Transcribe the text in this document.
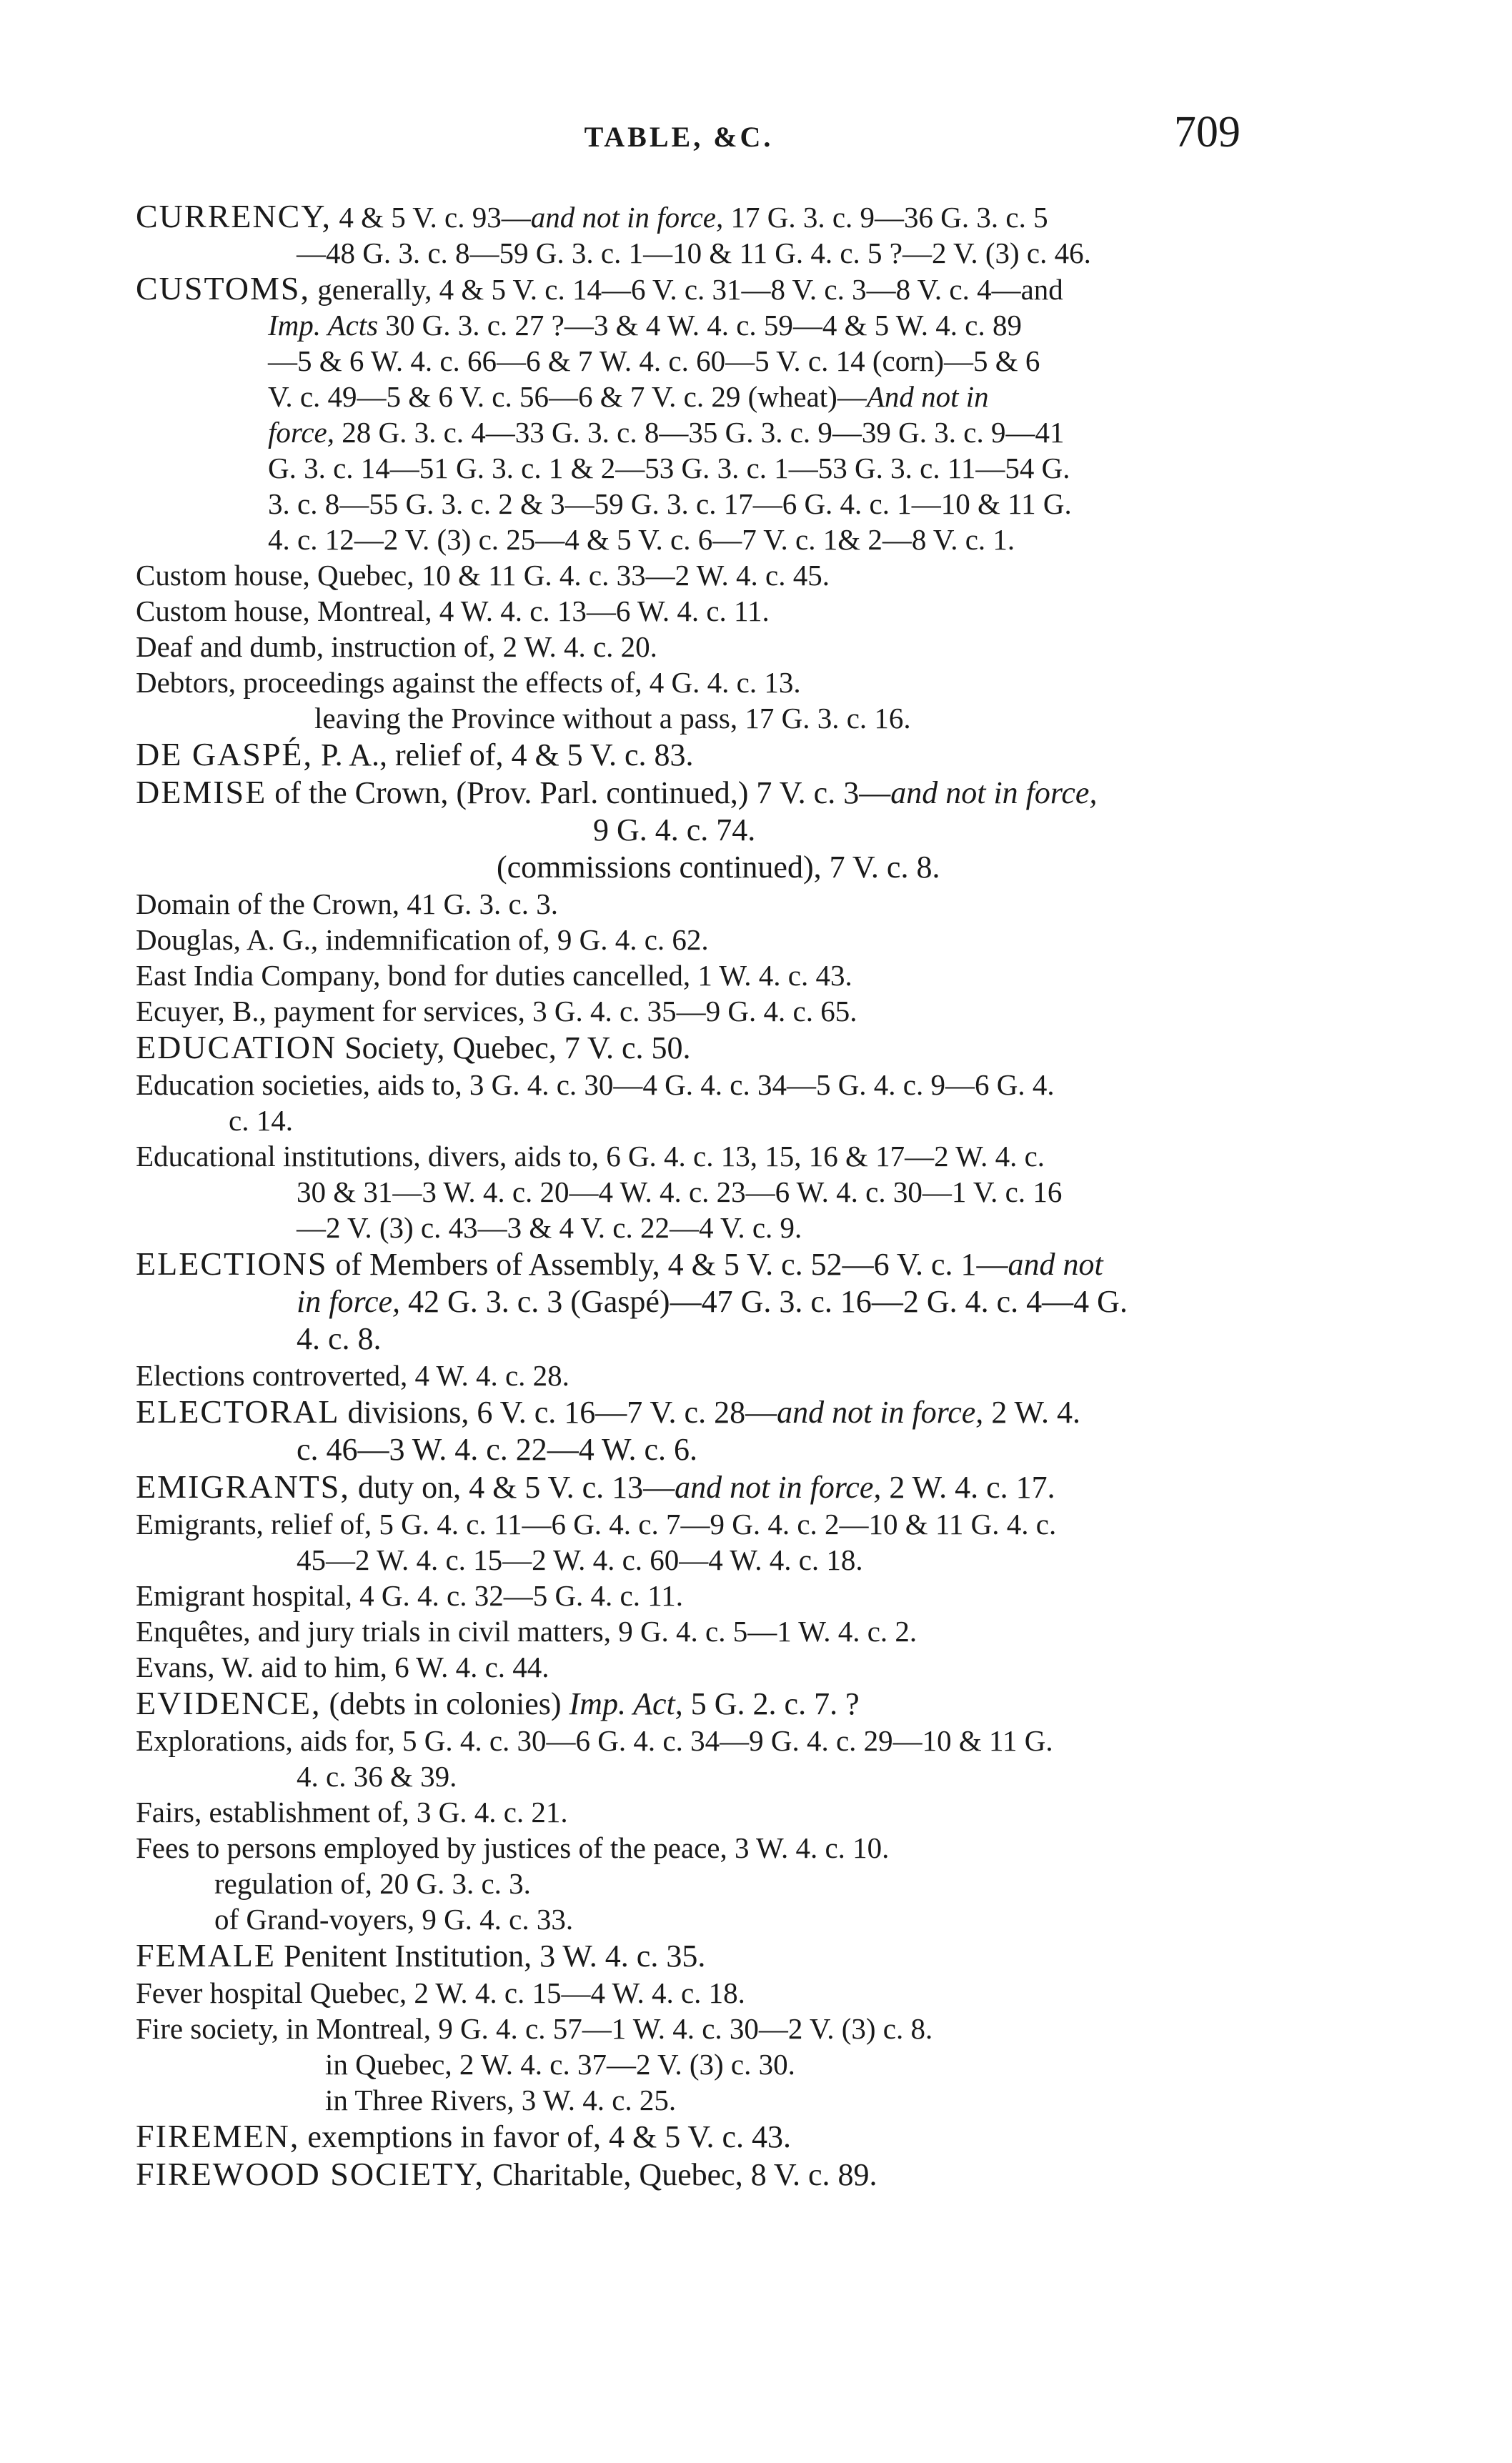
TABLE, &C.	709
CURRENCY, 4 & 5 V. c. 93—and not in force, 17 G. 3. c. 9—36 G. 3. c. 5
—48 G. 3. c. 8—59 G. 3. c. 1—10 & 11 G. 4. c. 5 ?—2 V. (3) c. 46.
CUSTOMS, generally, 4 & 5 V. c. 14—6 V. c. 31—8 V. c. 3—8 V. c. 4—and
Imp. Acts 30 G. 3. c. 27 ?—3 & 4 W. 4. c. 59—4 & 5 W. 4. c. 89
—5 & 6 W. 4. c. 66—6 & 7 W. 4. c. 60—5 V. c. 14 (corn)—5 & 6
V. c. 49—5 & 6 V. c. 56—6 & 7 V. c. 29 (wheat)—And not in
force, 28 G. 3. c. 4—33 G. 3. c. 8—35 G. 3. c. 9—39 G. 3. c. 9—41
G. 3. c. 14—51 G. 3. c. 1 & 2—53 G. 3. c. 1—53 G. 3. c. 11—54 G.
3. c. 8—55 G. 3. c. 2 & 3—59 G. 3. c. 17—6 G. 4. c. 1—10 & 11 G.
4. c. 12—2 V. (3) c. 25—4 & 5 V. c. 6—7 V. c. 1& 2—8 V. c. 1.
Custom house, Quebec, 10 & 11 G. 4. c. 33—2 W. 4. c. 45.
Custom house, Montreal, 4 W. 4. c. 13—6 W. 4. c. 11.
Deaf and dumb, instruction of, 2 W. 4. c. 20.
Debtors, proceedings against the effects of, 4 G. 4. c. 13.
leaving the Province without a pass, 17 G. 3. c. 16.
DE GASPÉ, P. A., relief of, 4 & 5 V. c. 83.
DEMISE of the Crown, (Prov. Parl. continued,) 7 V. c. 3—and not in force,
9 G. 4. c. 74.
(commissions continued), 7 V. c. 8.
Domain of the Crown, 41 G. 3. c. 3.
Douglas, A. G., indemnification of, 9 G. 4. c. 62.
East India Company, bond for duties cancelled, 1 W. 4. c. 43.
Ecuyer, B., payment for services, 3 G. 4. c. 35—9 G. 4. c. 65.
EDUCATION Society, Quebec, 7 V. c. 50.
Education societies, aids to, 3 G. 4. c. 30—4 G. 4. c. 34—5 G. 4. c. 9—6 G. 4.
c. 14.
Educational institutions, divers, aids to, 6 G. 4. c. 13, 15, 16 & 17—2 W. 4. c.
30 & 31—3 W. 4. c. 20—4 W. 4. c. 23—6 W. 4. c. 30—1 V. c. 16
—2 V. (3) c. 43—3 & 4 V. c. 22—4 V. c. 9.
ELECTIONS of Members of Assembly, 4 & 5 V. c. 52—6 V. c. 1—and not
in force, 42 G. 3. c. 3 (Gaspé)—47 G. 3. c. 16—2 G. 4. c. 4—4 G.
4. c. 8.
Elections controverted, 4 W. 4. c. 28.
ELECTORAL divisions, 6 V. c. 16—7 V. c. 28—and not in force, 2 W. 4.
c. 46—3 W. 4. c. 22—4 W. c. 6.
EMIGRANTS, duty on, 4 & 5 V. c. 13—and not in force, 2 W. 4. c. 17.
Emigrants, relief of, 5 G. 4. c. 11—6 G. 4. c. 7—9 G. 4. c. 2—10 & 11 G. 4. c.
45—2 W. 4. c. 15—2 W. 4. c. 60—4 W. 4. c. 18.
Emigrant hospital, 4 G. 4. c. 32—5 G. 4. c. 11.
Enquêtes, and jury trials in civil matters, 9 G. 4. c. 5—1 W. 4. c. 2.
Evans, W. aid to him, 6 W. 4. c. 44.
EVIDENCE, (debts in colonies) Imp. Act, 5 G. 2. c. 7. ?
Explorations, aids for, 5 G. 4. c. 30—6 G. 4. c. 34—9 G. 4. c. 29—10 & 11 G.
4. c. 36 & 39.
Fairs, establishment of, 3 G. 4. c. 21.
Fees to persons employed by justices of the peace, 3 W. 4. c. 10.
regulation of, 20 G. 3. c. 3.
of Grand-voyers, 9 G. 4. c. 33.
FEMALE Penitent Institution, 3 W. 4. c. 35.
Fever hospital Quebec, 2 W. 4. c. 15—4 W. 4. c. 18.
Fire society, in Montreal, 9 G. 4. c. 57—1 W. 4. c. 30—2 V. (3) c. 8.
in Quebec, 2 W. 4. c. 37—2 V. (3) c. 30.
in Three Rivers, 3 W. 4. c. 25.
FIREMEN, exemptions in favor of, 4 & 5 V. c. 43.
FIREWOOD SOCIETY, Charitable, Quebec, 8 V. c. 89.
